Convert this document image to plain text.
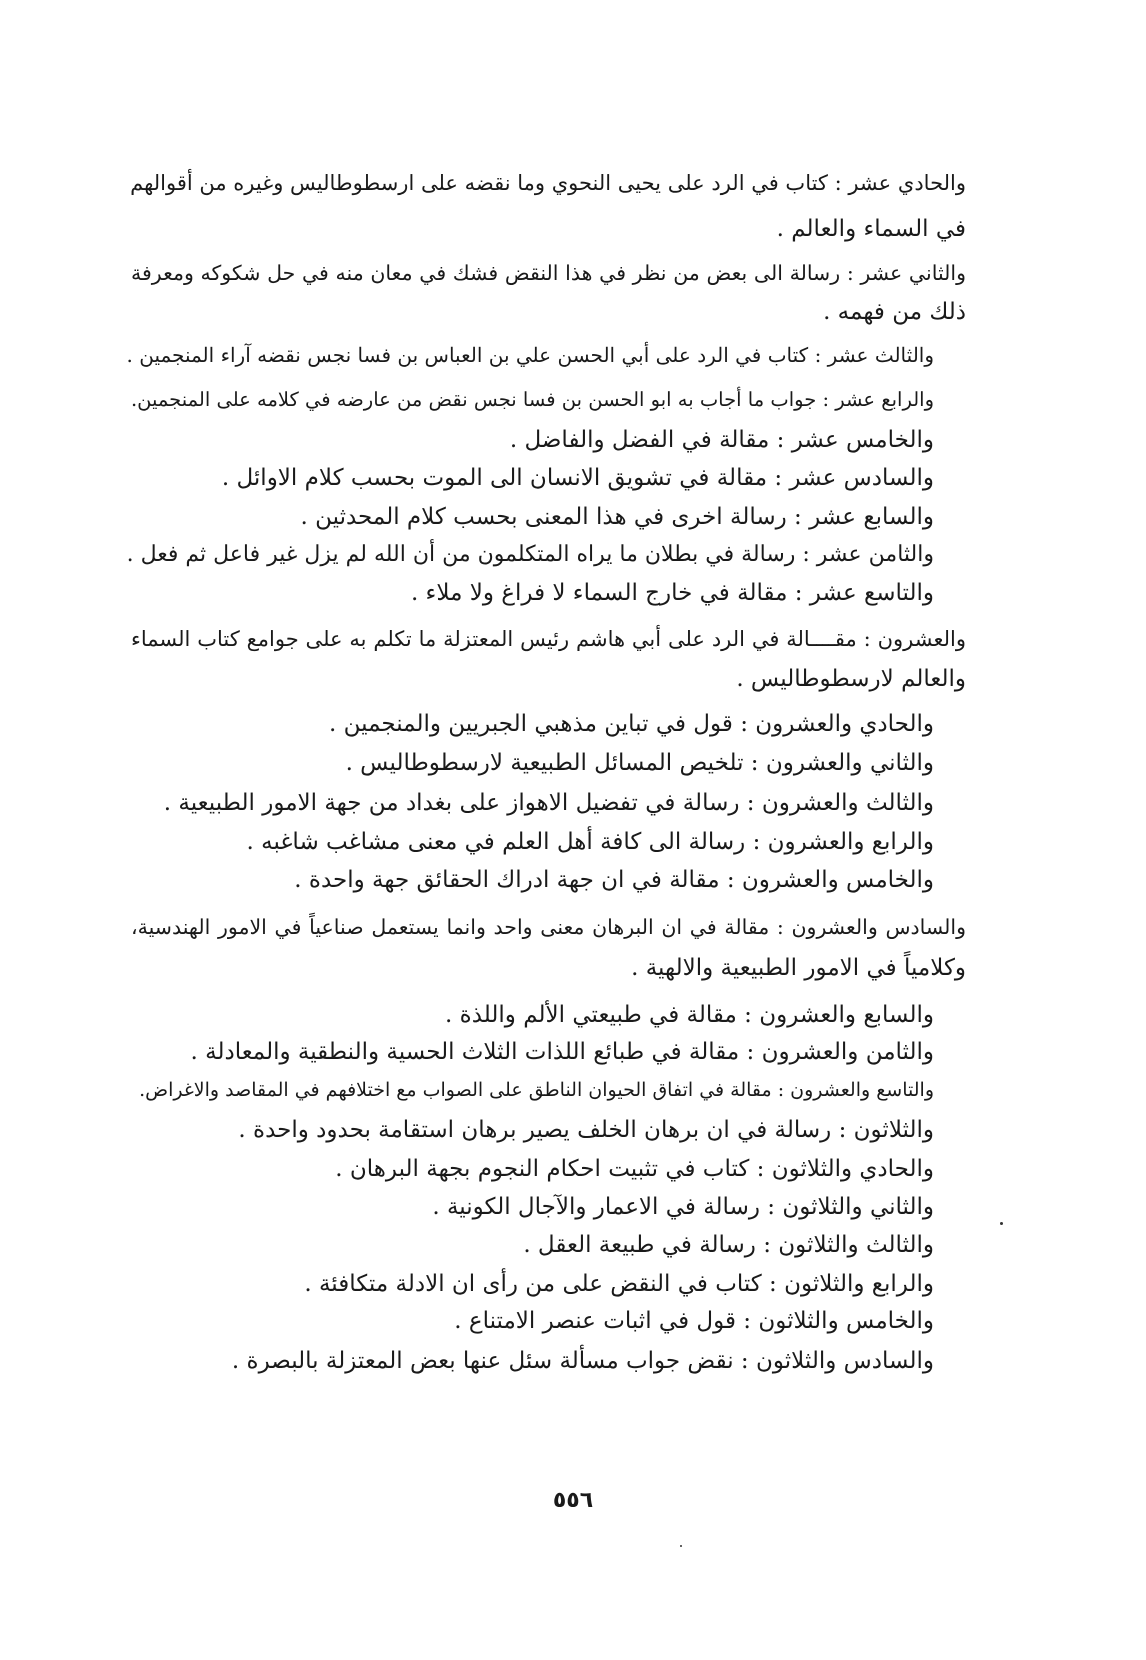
والحادي عشر : كتاب في الرد على يحيى النحوي وما نقضه على ارسطوطاليس وغيره من أقوالهم
في السماء والعالم .
والثاني عشر : رسالة الى بعض من نظر في هذا النقض فشك في معان منه في حل شكوكه ومعرفة
ذلك من فهمه .
والثالث عشر : كتاب في الرد على أبي الحسن علي بن العباس بن فسا نجس نقضه آراء المنجمين .
والرابع عشر : جواب ما أجاب به ابو الحسن بن فسا نجس نقض من عارضه في كلامه على المنجمين.
والخامس عشر : مقالة في الفضل والفاضل .
والسادس عشر : مقالة في تشويق الانسان الى الموت بحسب كلام الاوائل .
والسابع عشر : رسالة اخرى في هذا المعنى بحسب كلام المحدثين .
والثامن عشر : رسالة في بطلان ما يراه المتكلمون من أن الله لم يزل غير فاعل ثم فعل .
والتاسع عشر : مقالة في خارج السماء لا فراغ ولا ملاء .
والعشرون : مقــــالة في الرد على أبي هاشم رئيس المعتزلة ما تكلم به على جوامع كتاب السماء
والعالم لارسطوطاليس .
والحادي والعشرون : قول في تباين مذهبي الجبريين والمنجمين .
والثاني والعشرون : تلخيص المسائل الطبيعية لارسطوطاليس .
والثالث والعشرون : رسالة في تفضيل الاهواز على بغداد من جهة الامور الطبيعية .
والرابع والعشرون : رسالة الى كافة أهل العلم في معنى مشاغب شاغبه .
والخامس والعشرون : مقالة في ان جهة ادراك الحقائق جهة واحدة .
والسادس والعشرون : مقالة في ان البرهان معنى واحد وانما يستعمل صناعياً في الامور الهندسية،
وكلامياً في الامور الطبيعية والالهية .
والسابع والعشرون : مقالة في طبيعتي الألم واللذة .
والثامن والعشرون : مقالة في طبائع اللذات الثلاث الحسية والنطقية والمعادلة .
والتاسع والعشرون : مقالة في اتفاق الحيوان الناطق على الصواب مع اختلافهم في المقاصد والاغراض.
والثلاثون : رسالة في ان برهان الخلف يصير برهان استقامة بحدود واحدة .
والحادي والثلاثون : كتاب في تثبيت احكام النجوم بجهة البرهان .
والثاني والثلاثون : رسالة في الاعمار والآجال الكونية .
والثالث والثلاثون : رسالة في طبيعة العقل .
والرابع والثلاثون : كتاب في النقض على من رأى ان الادلة متكافئة .
والخامس والثلاثون : قول في اثبات عنصر الامتناع .
والسادس والثلاثون : نقض جواب مسألة سئل عنها بعض المعتزلة بالبصرة .
٥٥٦
